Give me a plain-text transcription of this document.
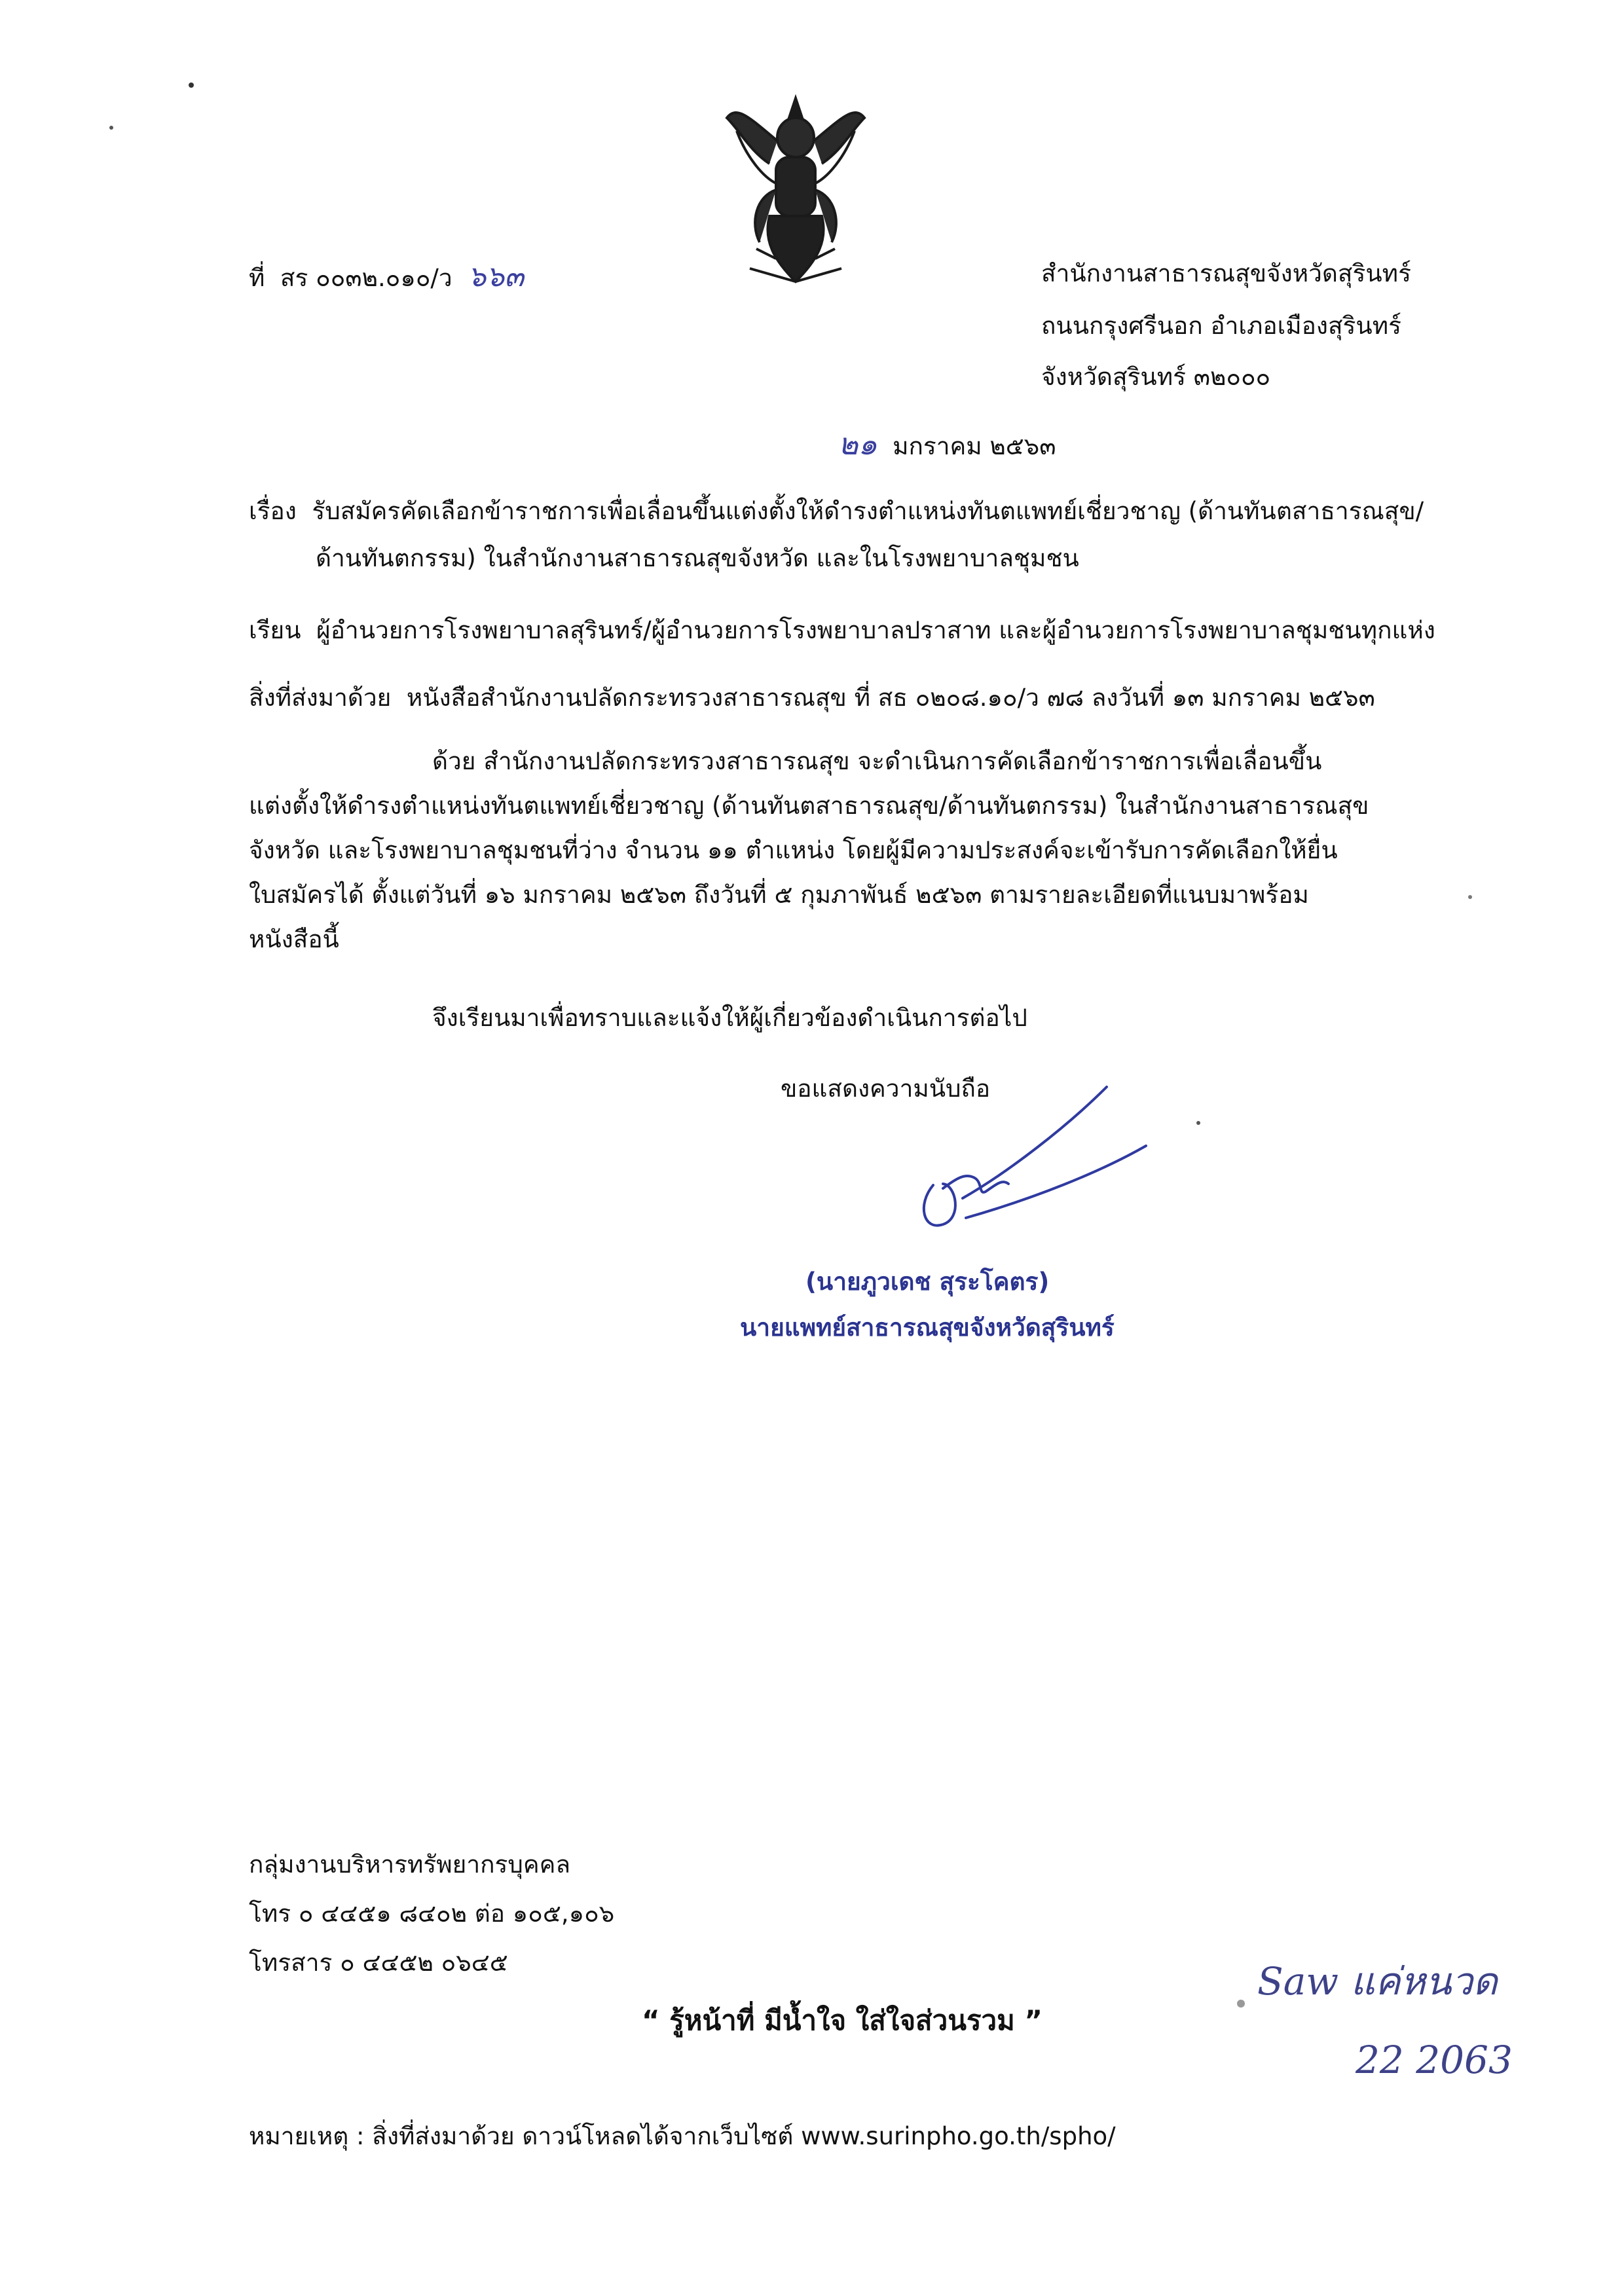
ที่ สร ๐๐๓๒.๐๑๐/ว ๖๖๓	สำนักงานสาธารณสุขจังหวัดสุรินทร์
ถนนกรุงศรีนอก อำเภอเมืองสุรินทร์
จังหวัดสุรินทร์ ๓๒๐๐๐
๒๑ มกราคม ๒๕๖๓
เรื่อง รับสมัครคัดเลือกข้าราชการเพื่อเลื่อนขึ้นแต่งตั้งให้ดำรงตำแหน่งทันตแพทย์เชี่ยวชาญ (ด้านทันตสาธารณสุข/
ด้านทันตกรรม) ในสำนักงานสาธารณสุขจังหวัด และในโรงพยาบาลชุมชน
เรียน ผู้อำนวยการโรงพยาบาลสุรินทร์/ผู้อำนวยการโรงพยาบาลปราสาท และผู้อำนวยการโรงพยาบาลชุมชนทุกแห่ง
สิ่งที่ส่งมาด้วย หนังสือสำนักงานปลัดกระทรวงสาธารณสุข ที่ สธ ๐๒๐๘.๑๐/ว ๗๘ ลงวันที่ ๑๓ มกราคม ๒๕๖๓
ด้วย สำนักงานปลัดกระทรวงสาธารณสุข จะดำเนินการคัดเลือกข้าราชการเพื่อเลื่อนขึ้น
แต่งตั้งให้ดำรงตำแหน่งทันตแพทย์เชี่ยวชาญ (ด้านทันตสาธารณสุข/ด้านทันตกรรม) ในสำนักงานสาธารณสุข
จังหวัด และโรงพยาบาลชุมชนที่ว่าง จำนวน ๑๑ ตำแหน่ง โดยผู้มีความประสงค์จะเข้ารับการคัดเลือกให้ยื่น
ใบสมัครได้ ตั้งแต่วันที่ ๑๖ มกราคม ๒๕๖๓ ถึงวันที่ ๕ กุมภาพันธ์ ๒๕๖๓ ตามรายละเอียดที่แนบมาพร้อม
หนังสือนี้
จึงเรียนมาเพื่อทราบและแจ้งให้ผู้เกี่ยวข้องดำเนินการต่อไป
ขอแสดงความนับถือ
(นายภูวเดช สุระโคตร)
นายแพทย์สาธารณสุขจังหวัดสุรินทร์
กลุ่มงานบริหารทรัพยากรบุคคล
โทร ๐ ๔๔๕๑ ๘๔๐๒ ต่อ ๑๐๕,๑๐๖
โทรสาร ๐ ๔๔๕๒ ๐๖๔๕
“ รู้หน้าที่ มีน้ำใจ ใส่ใจส่วนรวม ”
หมายเหตุ : สิ่งที่ส่งมาด้วย ดาวน์โหลดได้จากเว็บไซต์ www.surinpho.go.th/spho/
Saw แค่หนวด
22 2063
